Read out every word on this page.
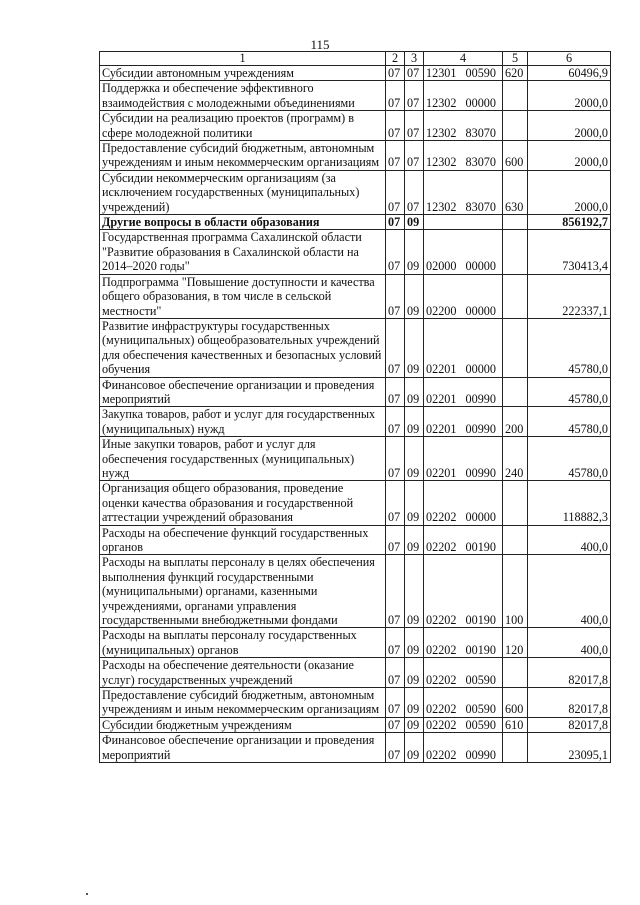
115
1	2	3	4	5	6
Субсидии автономным учреждениям	07	07	12301 00590	620	60496,9
Поддержка и обеспечение эффективного взаимодействия с молодежными объединениями	07	07	12302 00000		2000,0
Субсидии на реализацию проектов (программ) в сфере молодежной политики	07	07	12302 83070		2000,0
Предоставление субсидий бюджетным, автономным учреждениям и иным некоммерческим организациям	07	07	12302 83070	600	2000,0
Субсидии некоммерческим организациям (за исключением государственных (муниципальных) учреждений)	07	07	12302 83070	630	2000,0
Другие вопросы в области образования	07	09			856192,7
Государственная программа Сахалинской области "Развитие образования в Сахалинской области на 2014–2020 годы"	07	09	02000 00000		730413,4
Подпрограмма "Повышение доступности и качества общего образования, в том числе в сельской местности"	07	09	02200 00000		222337,1
Развитие инфраструктуры государственных (муниципальных) общеобразовательных учреждений для обеспечения качественных и безопасных условий обучения	07	09	02201 00000		45780,0
Финансовое обеспечение организации и проведения мероприятий	07	09	02201 00990		45780,0
Закупка товаров, работ и услуг для государственных (муниципальных) нужд	07	09	02201 00990	200	45780,0
Иные закупки товаров, работ и услуг для обеспечения государственных (муниципальных) нужд	07	09	02201 00990	240	45780,0
Организация общего образования, проведение оценки качества образования и государственной аттестации учреждений образования	07	09	02202 00000		118882,3
Расходы на обеспечение функций государственных органов	07	09	02202 00190		400,0
Расходы на выплаты персоналу в целях обеспечения выполнения функций государственными (муниципальными) органами, казенными учреждениями, органами управления государственными внебюджетными фондами	07	09	02202 00190	100	400,0
Расходы на выплаты персоналу государственных (муниципальных) органов	07	09	02202 00190	120	400,0
Расходы на обеспечение деятельности (оказание услуг) государственных учреждений	07	09	02202 00590		82017,8
Предоставление субсидий бюджетным, автономным учреждениям и иным некоммерческим организациям	07	09	02202 00590	600	82017,8
Субсидии бюджетным учреждениям	07	09	02202 00590	610	82017,8
Финансовое обеспечение организации и проведения мероприятий	07	09	02202 00990		23095,1
